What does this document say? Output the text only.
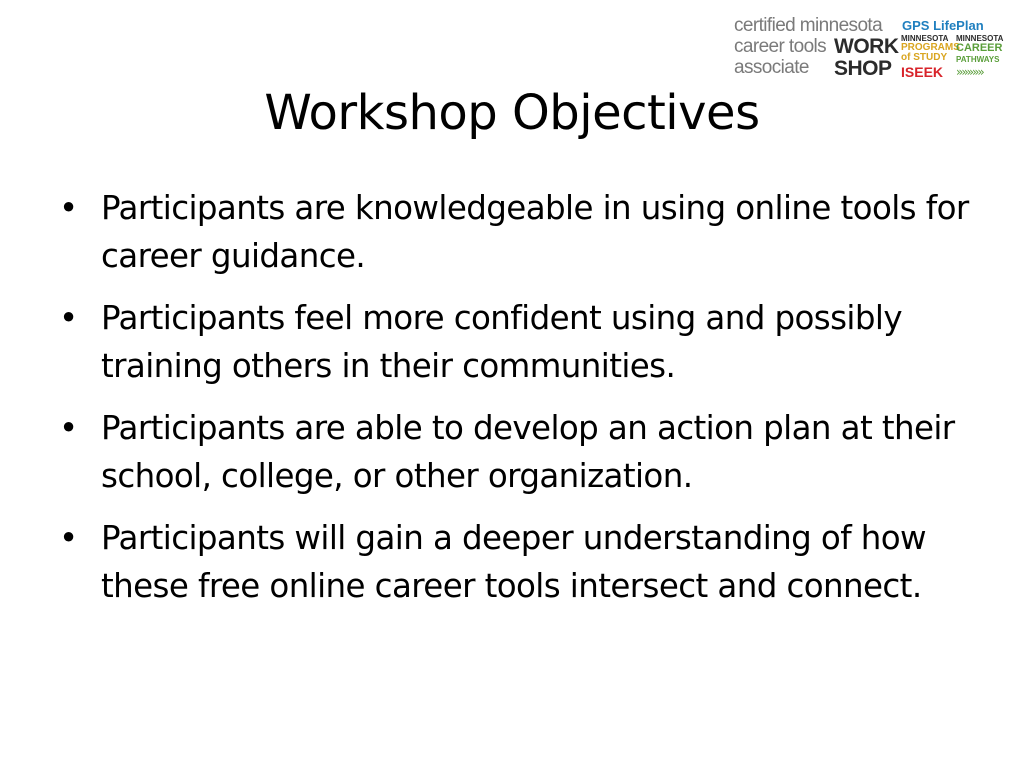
certified minnesota
career tools
associate
WORK
SHOP
GPS LifePlan
MINNESOTA
PROGRAMS
of STUDY
ISEEK
MINNESOTA
CAREER
PATHWAYS
»»»»»
Workshop Objectives
• Participants are knowledgeable in using online tools for career guidance.
• Participants feel more confident using and possibly training others in their communities.
• Participants are able to develop an action plan at their school, college, or other organization.
• Participants will gain a deeper understanding of how these free online career tools intersect and connect.
